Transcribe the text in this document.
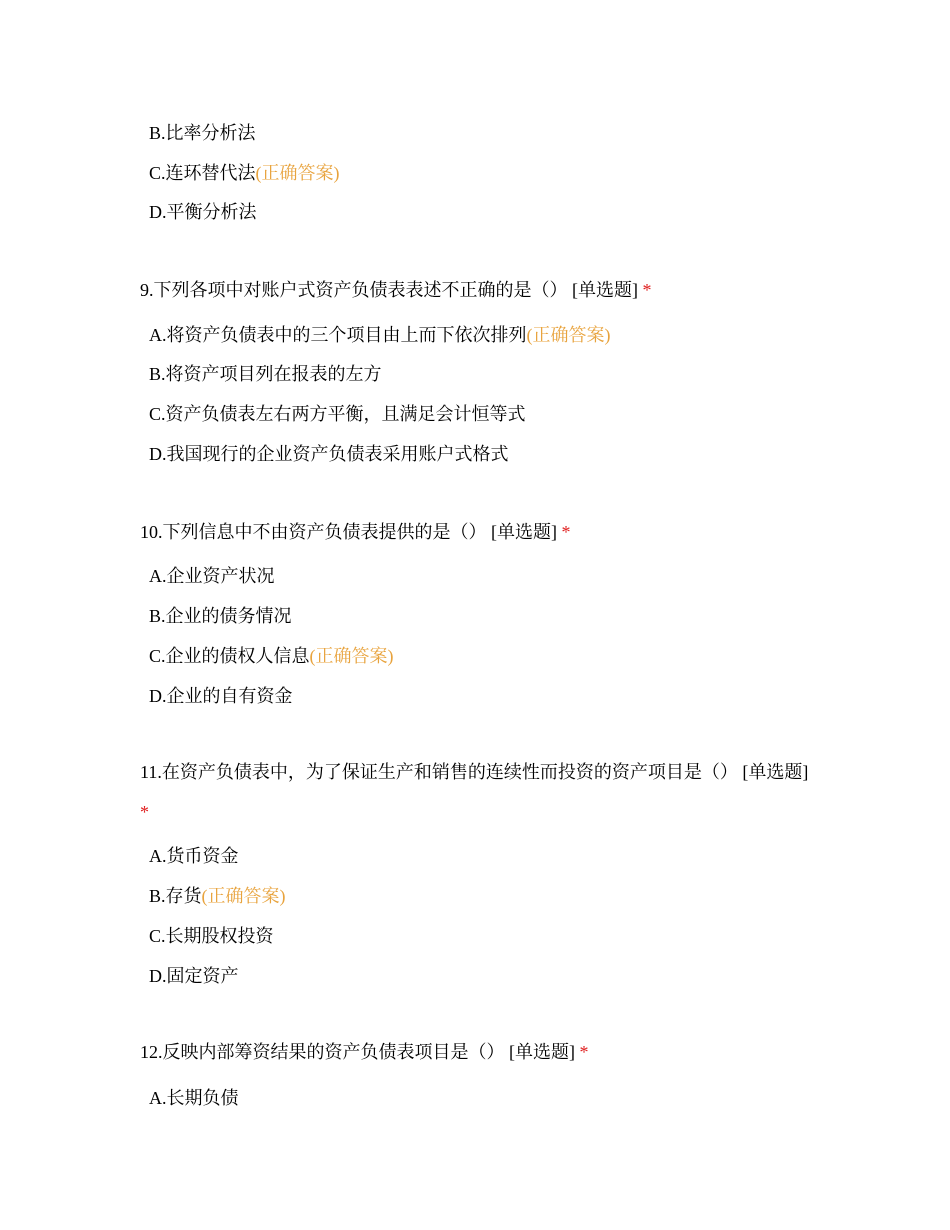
B.比率分析法
C.连环替代法(正确答案)
D.平衡分析法
9.下列各项中对账户式资产负债表表述不正确的是（） [单选题] *
A.将资产负债表中的三个项目由上而下依次排列(正确答案)
B.将资产项目列在报表的左方
C.资产负债表左右两方平衡，且满足会计恒等式
D.我国现行的企业资产负债表采用账户式格式
10.下列信息中不由资产负债表提供的是（） [单选题] *
A.企业资产状况
B.企业的债务情况
C.企业的债权人信息(正确答案)
D.企业的自有资金
11.在资产负债表中，为了保证生产和销售的连续性而投资的资产项目是（） [单选题] *
A.货币资金
B.存货(正确答案)
C.长期股权投资
D.固定资产
12.反映内部筹资结果的资产负债表项目是（） [单选题] *
A.长期负债
